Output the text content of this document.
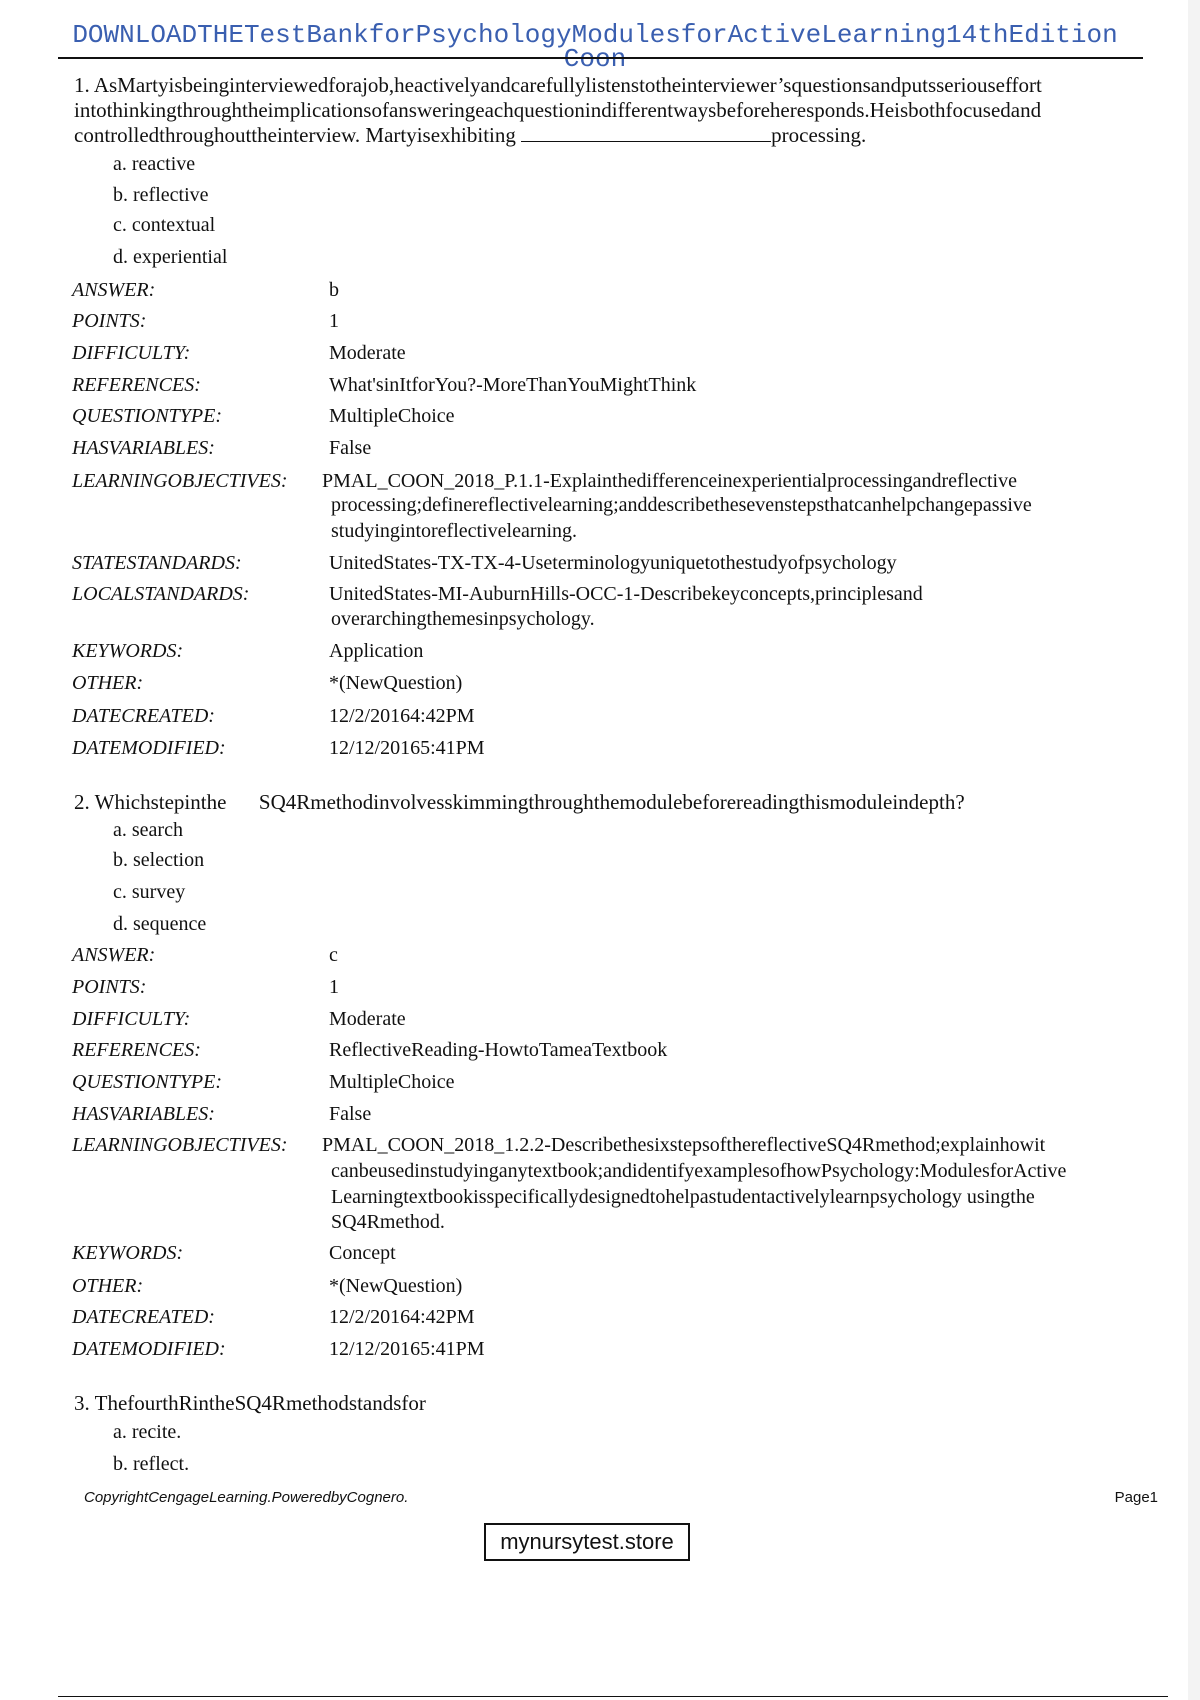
DOWNLOADTHETestBankforPsychologyModulesforActiveLearning14thEdition
Coon
1. AsMartyisbeinginterviewedforajob,heactivelyandcarefullylistenstotheinterviewer’squestionsandputsseriouseffort
intothinkingthroughtheimplicationsofansweringeachquestionindifferentwaysbeforeheresponds.Heisbothfocusedand
controlledthroughouttheinterview. Martyisexhibiting	processing.
a. reactive
b. reflective
c. contextual
d. experiential
ANSWER:	b
POINTS:	1
DIFFICULTY:	Moderate
REFERENCES:	What'sinItforYou?-MoreThanYouMightThink
QUESTIONTYPE:	MultipleChoice
HASVARIABLES:	False
LEARNINGOBJECTIVES: PMAL_COON_2018_P.1.1-Explainthedifferenceinexperientialprocessingandreflective
processing;definereflectivelearning;anddescribethesevenstepsthatcanhelpchangepassive
studyingintoreflectivelearning.
STATESTANDARDS:	UnitedStates-TX-TX-4-Useterminologyuniquetothestudyofpsychology
LOCALSTANDARDS:	UnitedStates-MI-AuburnHills-OCC-1-Describekeyconcepts,principlesand
overarchingthemesinpsychology.
KEYWORDS:	Application
OTHER:	*(NewQuestion)
DATECREATED:	12/2/20164:42PM
DATEMODIFIED:	12/12/20165:41PM
2. Whichstepinthe SQ4Rmethodinvolvesskimmingthroughthemodulebeforereadingthismoduleindepth?
a. search
b. selection
c. survey
d. sequence
ANSWER:	c
POINTS:	1
DIFFICULTY:	Moderate
REFERENCES:	ReflectiveReading-HowtoTameaTextbook
QUESTIONTYPE:	MultipleChoice
HASVARIABLES:	False
LEARNINGOBJECTIVES: PMAL_COON_2018_1.2.2-DescribethesixstepsofthereflectiveSQ4Rmethod;explainhowit
canbeusedinstudyinganytextbook;andidentifyexamplesofhowPsychology:ModulesforActive
Learningtextbookisspecificallydesignedtohelpastudentactivelylearnpsychology usingthe
SQ4Rmethod.
KEYWORDS:	Concept
OTHER:	*(NewQuestion)
DATECREATED:	12/2/20164:42PM
DATEMODIFIED:	12/12/20165:41PM
3. ThefourthRintheSQ4Rmethodstandsfor
a. recite.
b. reflect.
CopyrightCengageLearning.PoweredbyCognero.	Page1
mynursytest.store
